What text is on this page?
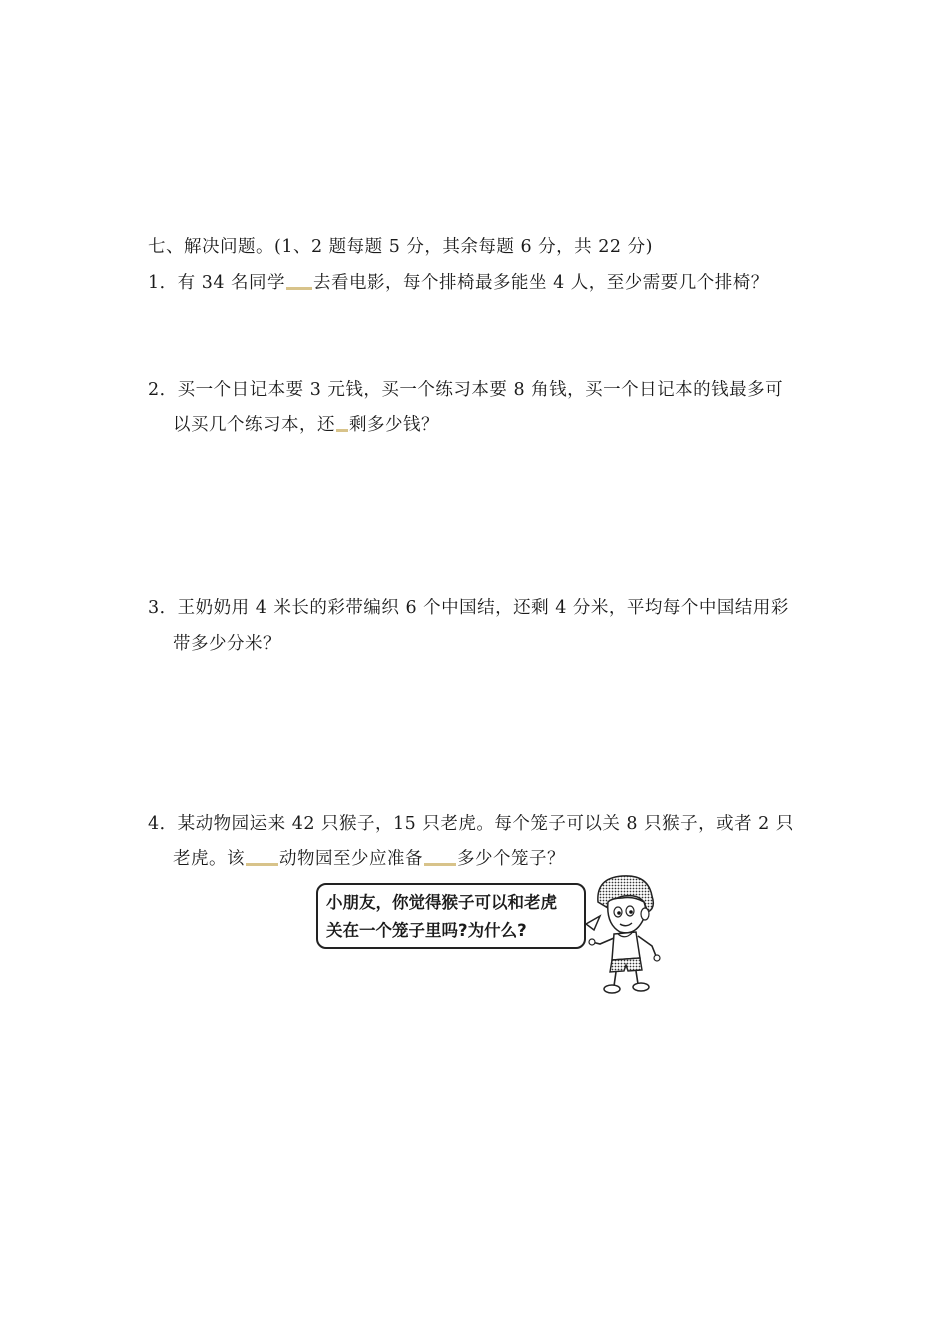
七、解决问题。(1、2 题每题 5 分，其余每题 6 分，共 22 分)
1．有 34 名同学 去看电影，每个排椅最多能坐 4 人，至少需要几个排椅？
2．买一个日记本要 3 元钱，买一个练习本要 8 角钱，买一个日记本的钱最多可
以买几个练习本，还 剩多少钱？
3．王奶奶用 4 米长的彩带编织 6 个中国结，还剩 4 分米，平均每个中国结用彩
带多少分米？
4．某动物园运来 42 只猴子，15 只老虎。每个笼子可以关 8 只猴子，或者 2 只
老虎。该 动物园至少应准备 多少个笼子？
小朋友，你觉得猴子可以和老虎
关在一个笼子里吗?为什么?
